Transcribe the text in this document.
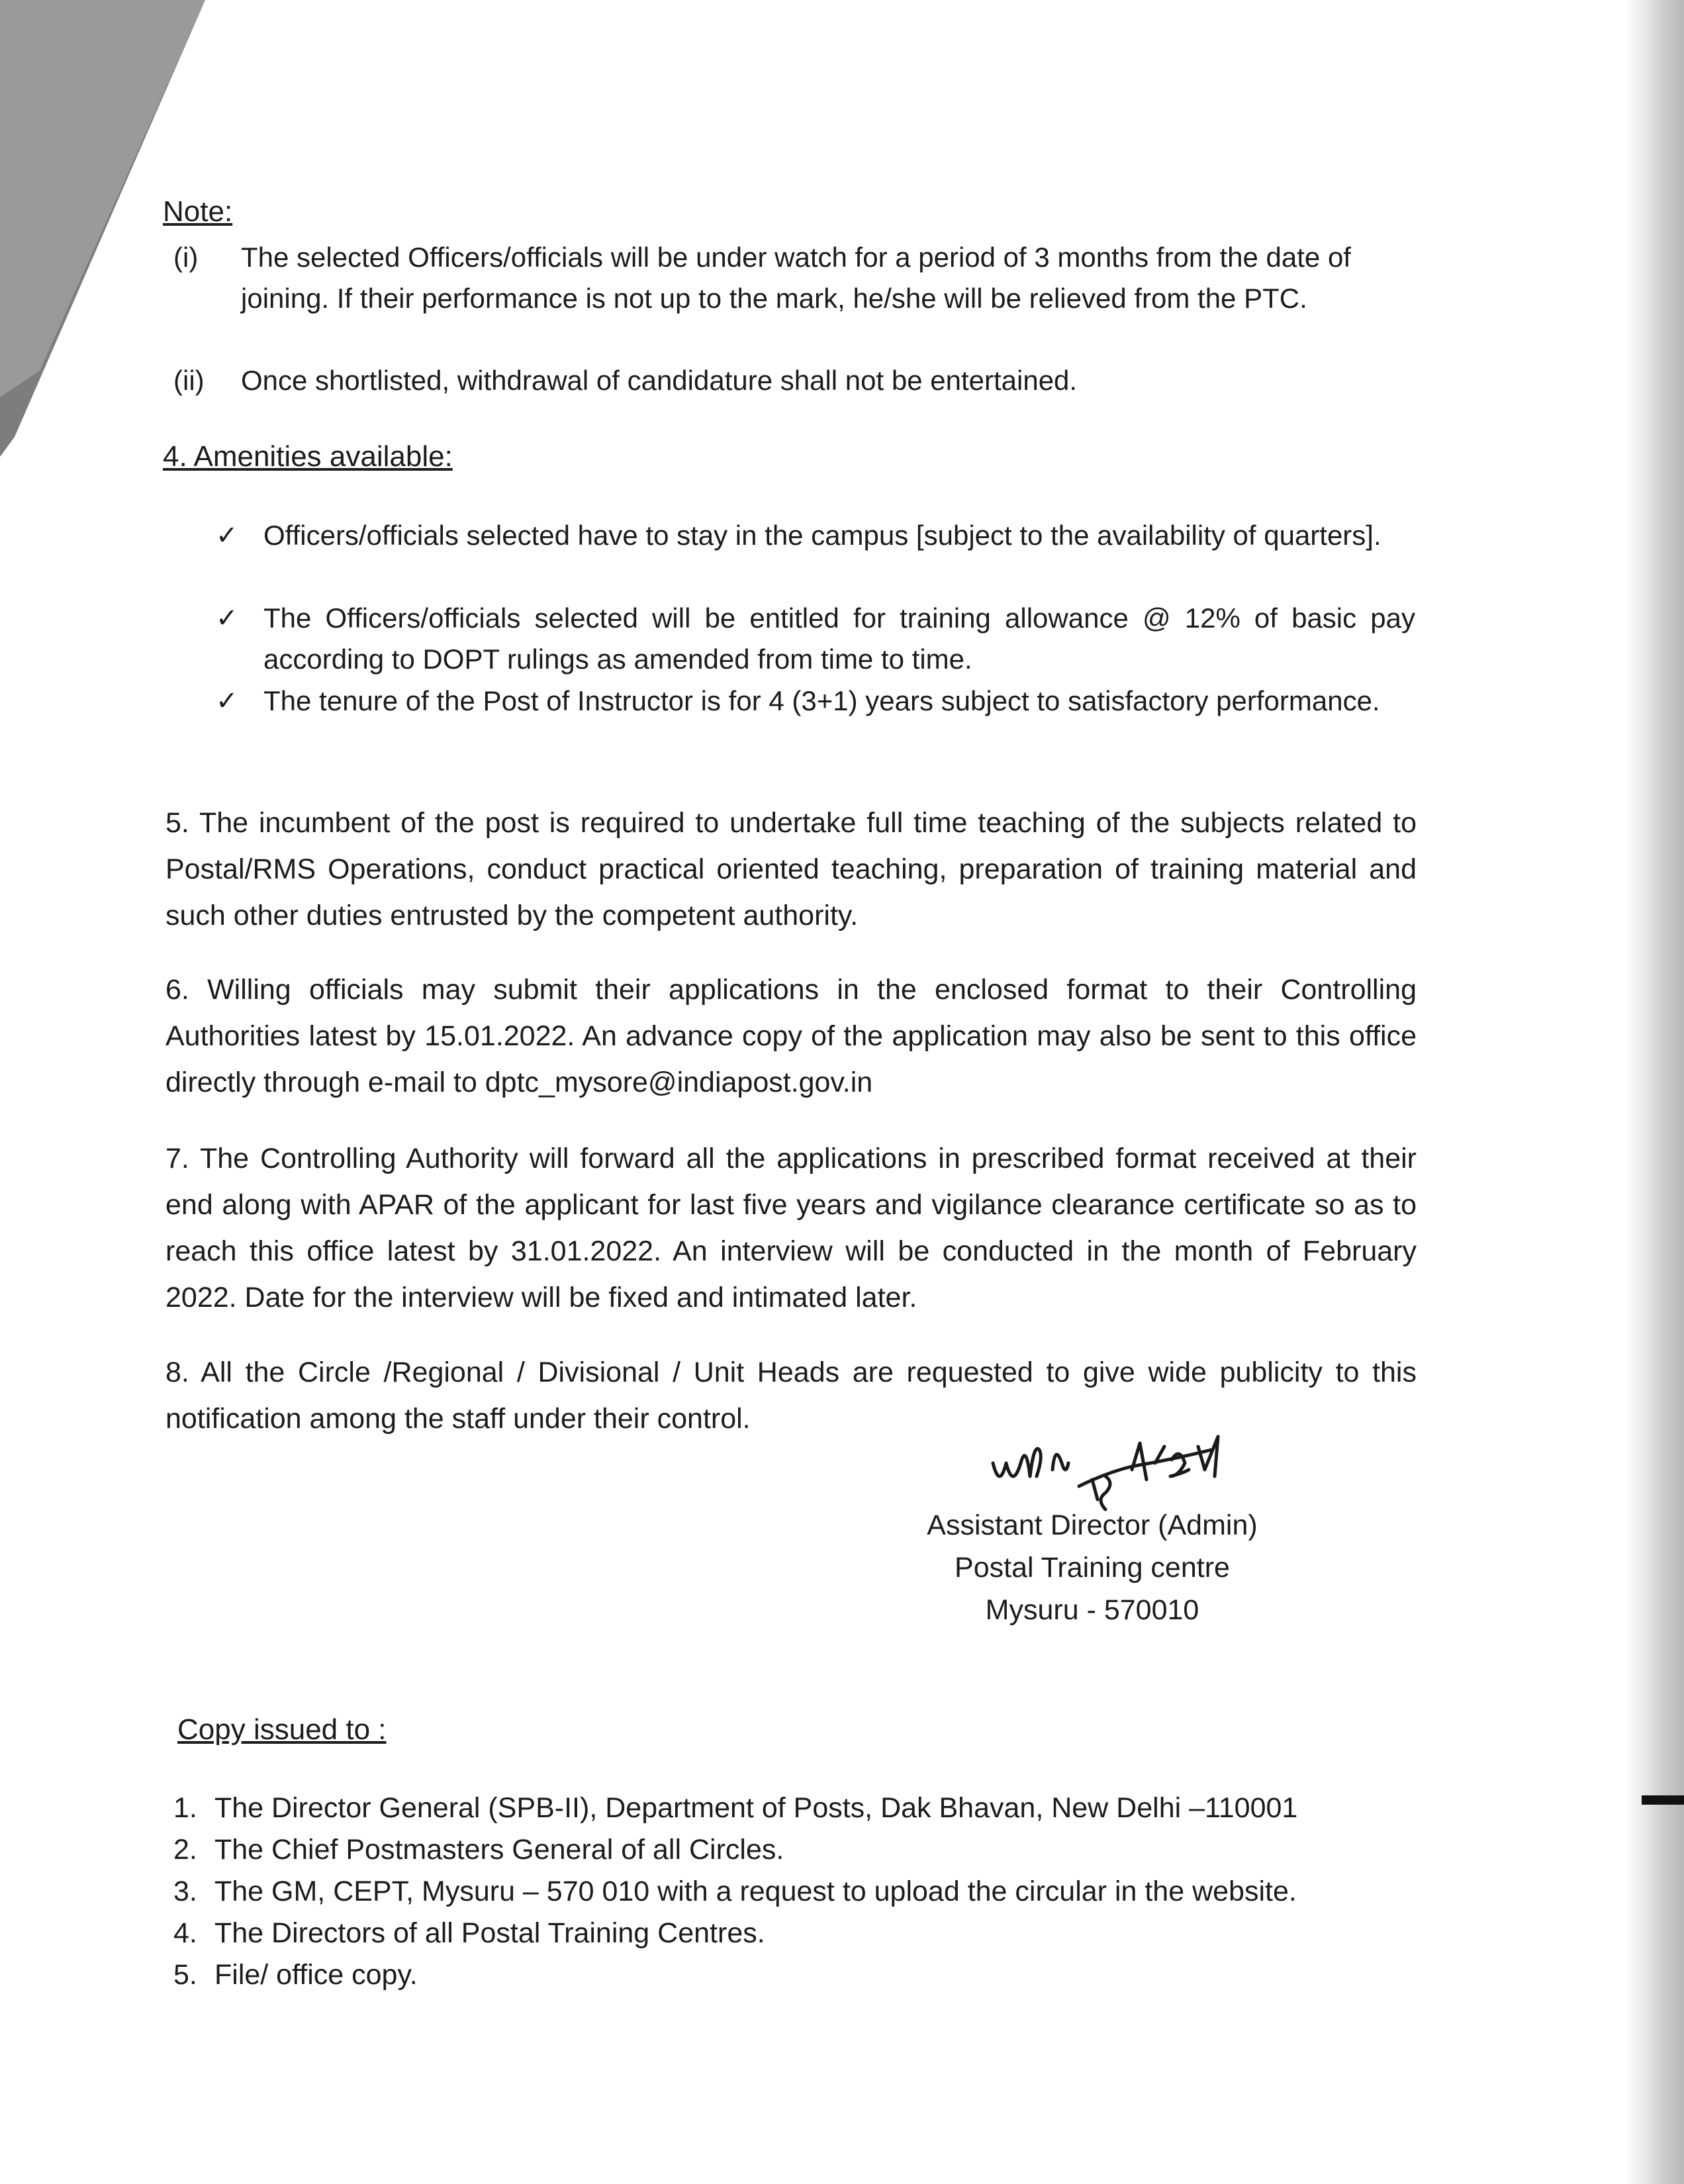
Note:
(i)	The selected Officers/officials will be under watch for a period of 3 months from the date of joining. If their performance is not up to the mark, he/she will be relieved from the PTC.
(ii)	Once shortlisted, withdrawal of candidature shall not be entertained.
4. Amenities available:
✓ Officers/officials selected have to stay in the campus [subject to the availability of quarters].
✓ The Officers/officials selected will be entitled for training allowance @ 12% of basic pay according to DOPT rulings as amended from time to time.
✓ The tenure of the Post of Instructor is for 4 (3+1) years subject to satisfactory performance.
5. The incumbent of the post is required to undertake full time teaching of the subjects related to Postal/RMS Operations, conduct practical oriented teaching, preparation of training material and such other duties entrusted by the competent authority.
6. Willing officials may submit their applications in the enclosed format to their Controlling Authorities latest by 15.01.2022. An advance copy of the application may also be sent to this office directly through e-mail to dptc_mysore@indiapost.gov.in
7. The Controlling Authority will forward all the applications in prescribed format received at their end along with APAR of the applicant for last five years and vigilance clearance certificate so as to reach this office latest by 31.01.2022. An interview will be conducted in the month of February 2022. Date for the interview will be fixed and intimated later.
8. All the Circle /Regional / Divisional / Unit Heads are requested to give wide publicity to this notification among the staff under their control.
Assistant Director (Admin)
Postal Training centre
Mysuru - 570010
Copy issued to :
1. The Director General (SPB-II), Department of Posts, Dak Bhavan, New Delhi –110001
2. The Chief Postmasters General of all Circles.
3. The GM, CEPT, Mysuru – 570 010 with a request to upload the circular in the website.
4. The Directors of all Postal Training Centres.
5. File/ office copy.
